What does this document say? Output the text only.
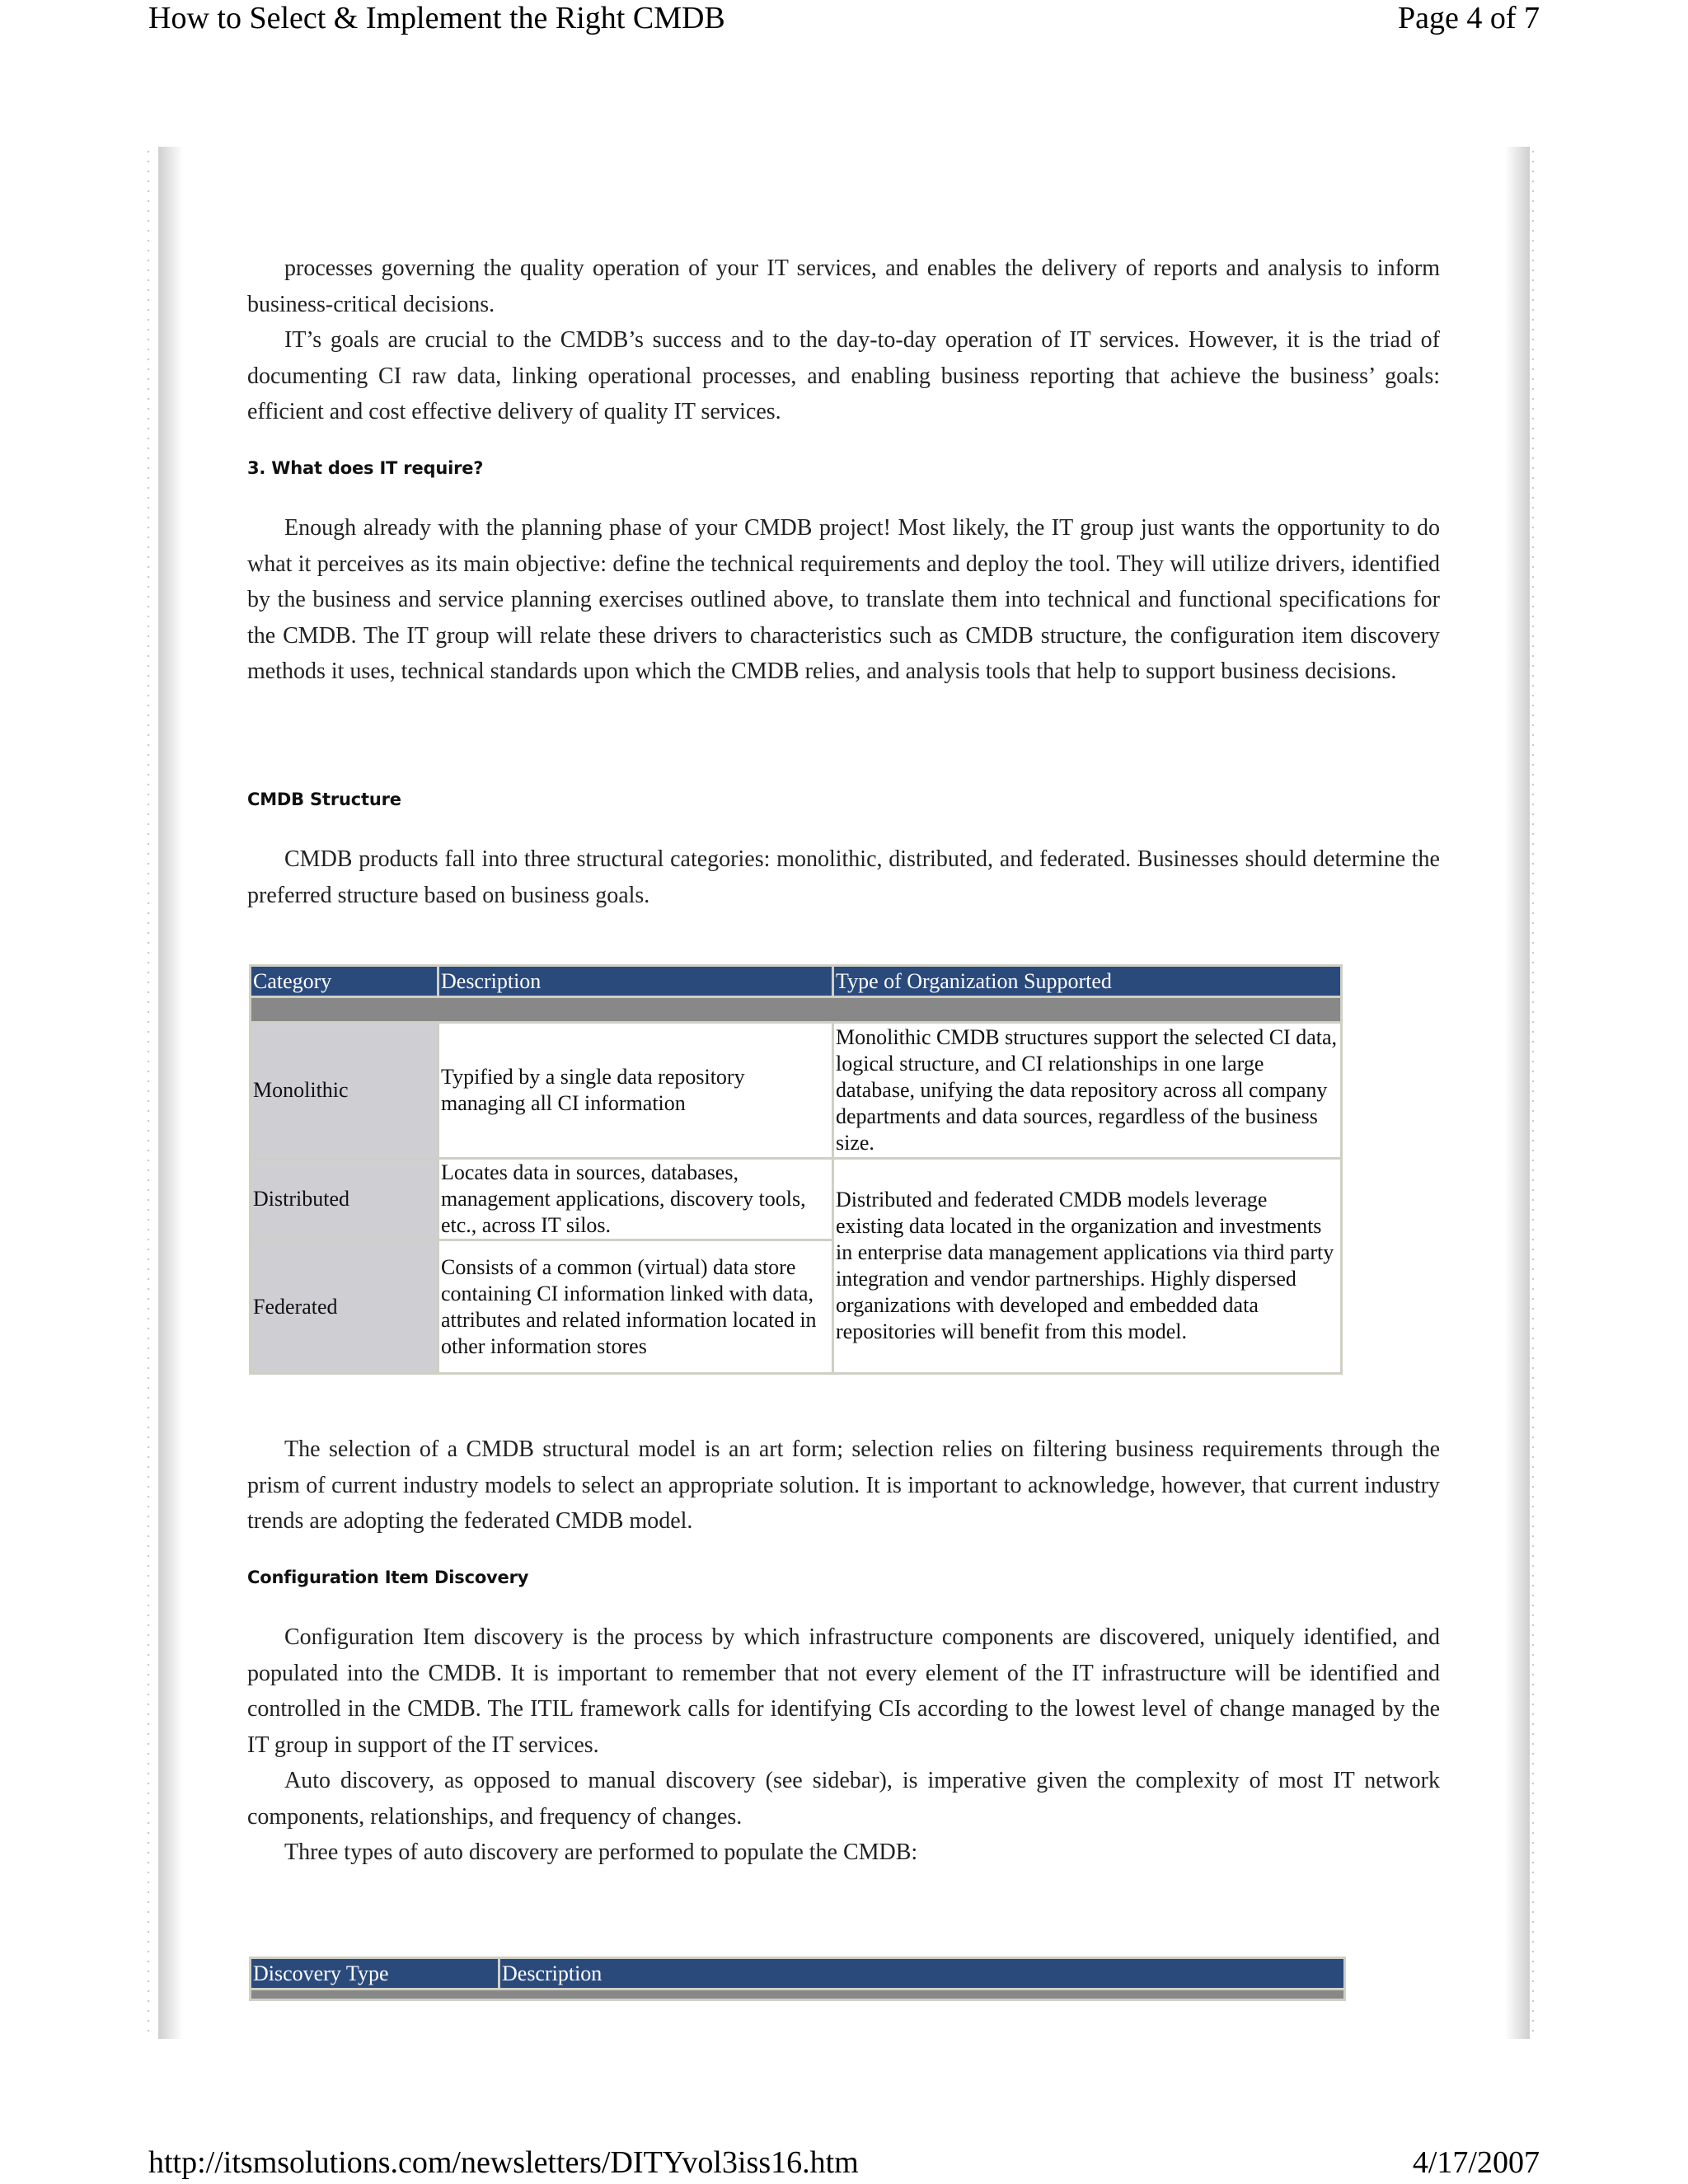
How to Select & Implement the Right CMDB	Page 4 of 7

processes governing the quality operation of your IT services, and enables the delivery of reports and analysis to inform business-critical decisions.

IT’s goals are crucial to the CMDB’s success and to the day-to-day operation of IT services. However, it is the triad of documenting CI raw data, linking operational processes, and enabling business reporting that achieve the business’ goals: efficient and cost effective delivery of quality IT services.

3. What does IT require?

Enough already with the planning phase of your CMDB project! Most likely, the IT group just wants the opportunity to do what it perceives as its main objective: define the technical requirements and deploy the tool. They will utilize drivers, identified by the business and service planning exercises outlined above, to translate them into technical and functional specifications for the CMDB. The IT group will relate these drivers to characteristics such as CMDB structure, the configuration item discovery methods it uses, technical standards upon which the CMDB relies, and analysis tools that help to support business decisions.

CMDB Structure

CMDB products fall into three structural categories: monolithic, distributed, and federated. Businesses should determine the preferred structure based on business goals.

Category	Description	Type of Organization Supported

Monolithic	Typified by a single data repository managing all CI information	Monolithic CMDB structures support the selected CI data, logical structure, and CI relationships in one large database, unifying the data repository across all company departments and data sources, regardless of the business size.
Distributed	Locates data in sources, databases, management applications, discovery tools, etc., across IT silos.	Distributed and federated CMDB models leverage existing data located in the organization and investments in enterprise data management applications via third party integration and vendor partnerships. Highly dispersed organizations with developed and embedded data repositories will benefit from this model.
Federated	Consists of a common (virtual) data store containing CI information linked with data, attributes and related information located in other information stores	

The selection of a CMDB structural model is an art form; selection relies on filtering business requirements through the prism of current industry models to select an appropriate solution. It is important to acknowledge, however, that current industry trends are adopting the federated CMDB model.

Configuration Item Discovery

Configuration Item discovery is the process by which infrastructure components are discovered, uniquely identified, and populated into the CMDB. It is important to remember that not every element of the IT infrastructure will be identified and controlled in the CMDB. The ITIL framework calls for identifying CIs according to the lowest level of change managed by the IT group in support of the IT services.

Auto discovery, as opposed to manual discovery (see sidebar), is imperative given the complexity of most IT network components, relationships, and frequency of changes.

Three types of auto discovery are performed to populate the CMDB:

Discovery Type	Description

http://itsmsolutions.com/newsletters/DITYvol3iss16.htm	4/17/2007
